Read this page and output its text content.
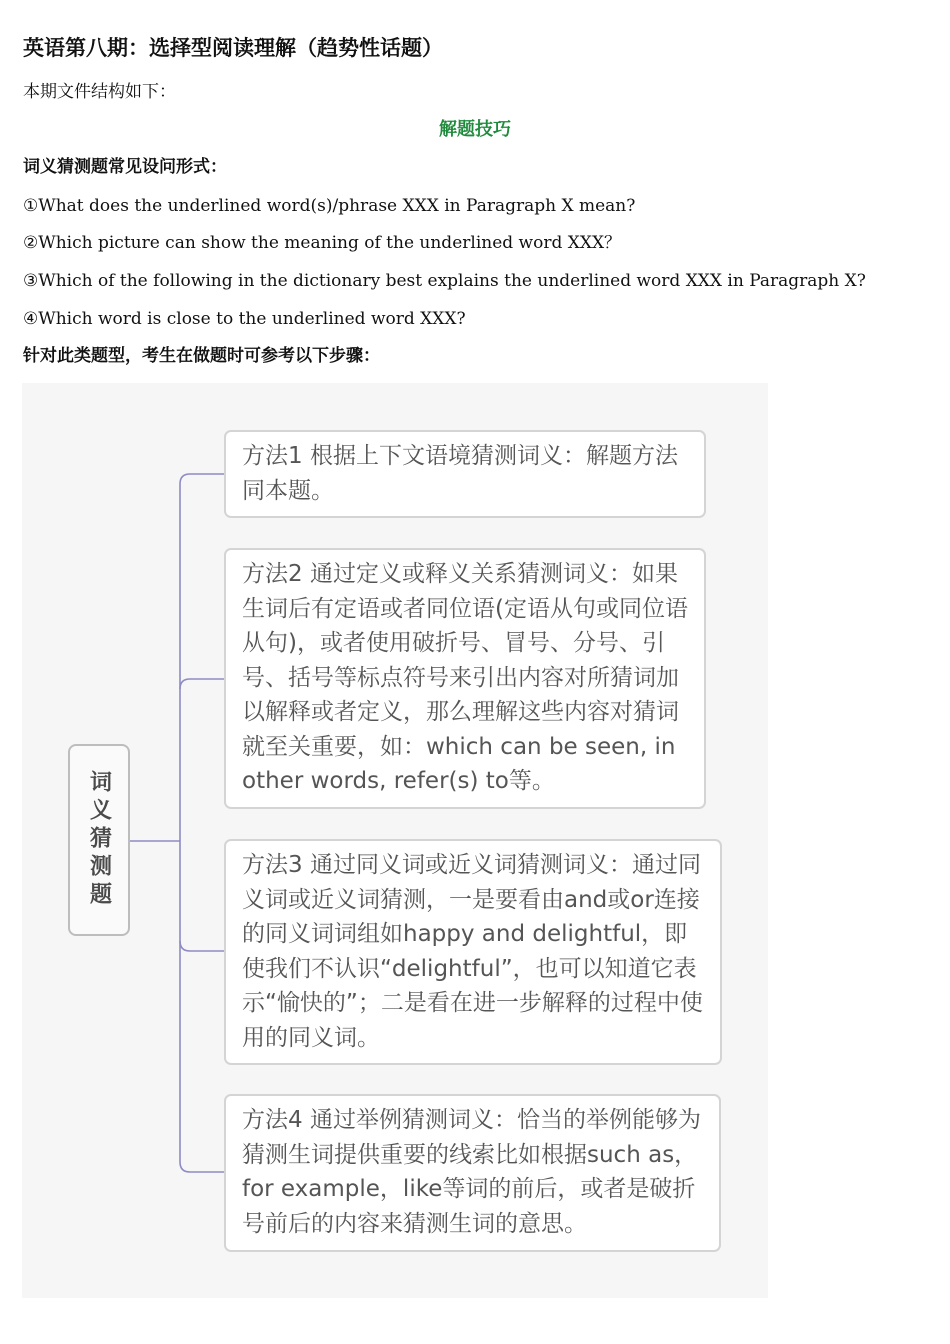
英语第八期：选择型阅读理解（趋势性话题）

本期文件结构如下：

解题技巧

词义猜测题常见设问形式：

①What does the underlined word(s)/phrase XXX in Paragraph X mean?

②Which picture can show the meaning of the underlined word XXX？

③Which of the following in the dictionary best explains the underlined word XXX in Paragraph X?

④Which word is close to the underlined word XXX?

针对此类题型，考生在做题时可参考以下步骤：

词义猜测题
方法1 根据上下文语境猜测词义：解题方法同本题。
方法2 通过定义或释义关系猜测词义：如果生词后有定语或者同位语(定语从句或同位语从句)，或者使用破折号、冒号、分号、引号、括号等标点符号来引出内容对所猜词加以解释或者定义，那么理解这些内容对猜词就至关重要，如：which can be seen, in other words, refer(s) to等。
方法3 通过同义词或近义词猜测词义：通过同义词或近义词猜测，一是要看由and或or连接的同义词词组如happy and delightful，即使我们不认识“delightful”，也可以知道它表示“愉快的”；二是看在进一步解释的过程中使用的同义词。
方法4 通过举例猜测词义：恰当的举例能够为猜测生词提供重要的线索比如根据such as，for example，like等词的前后，或者是破折号前后的内容来猜测生词的意思。
